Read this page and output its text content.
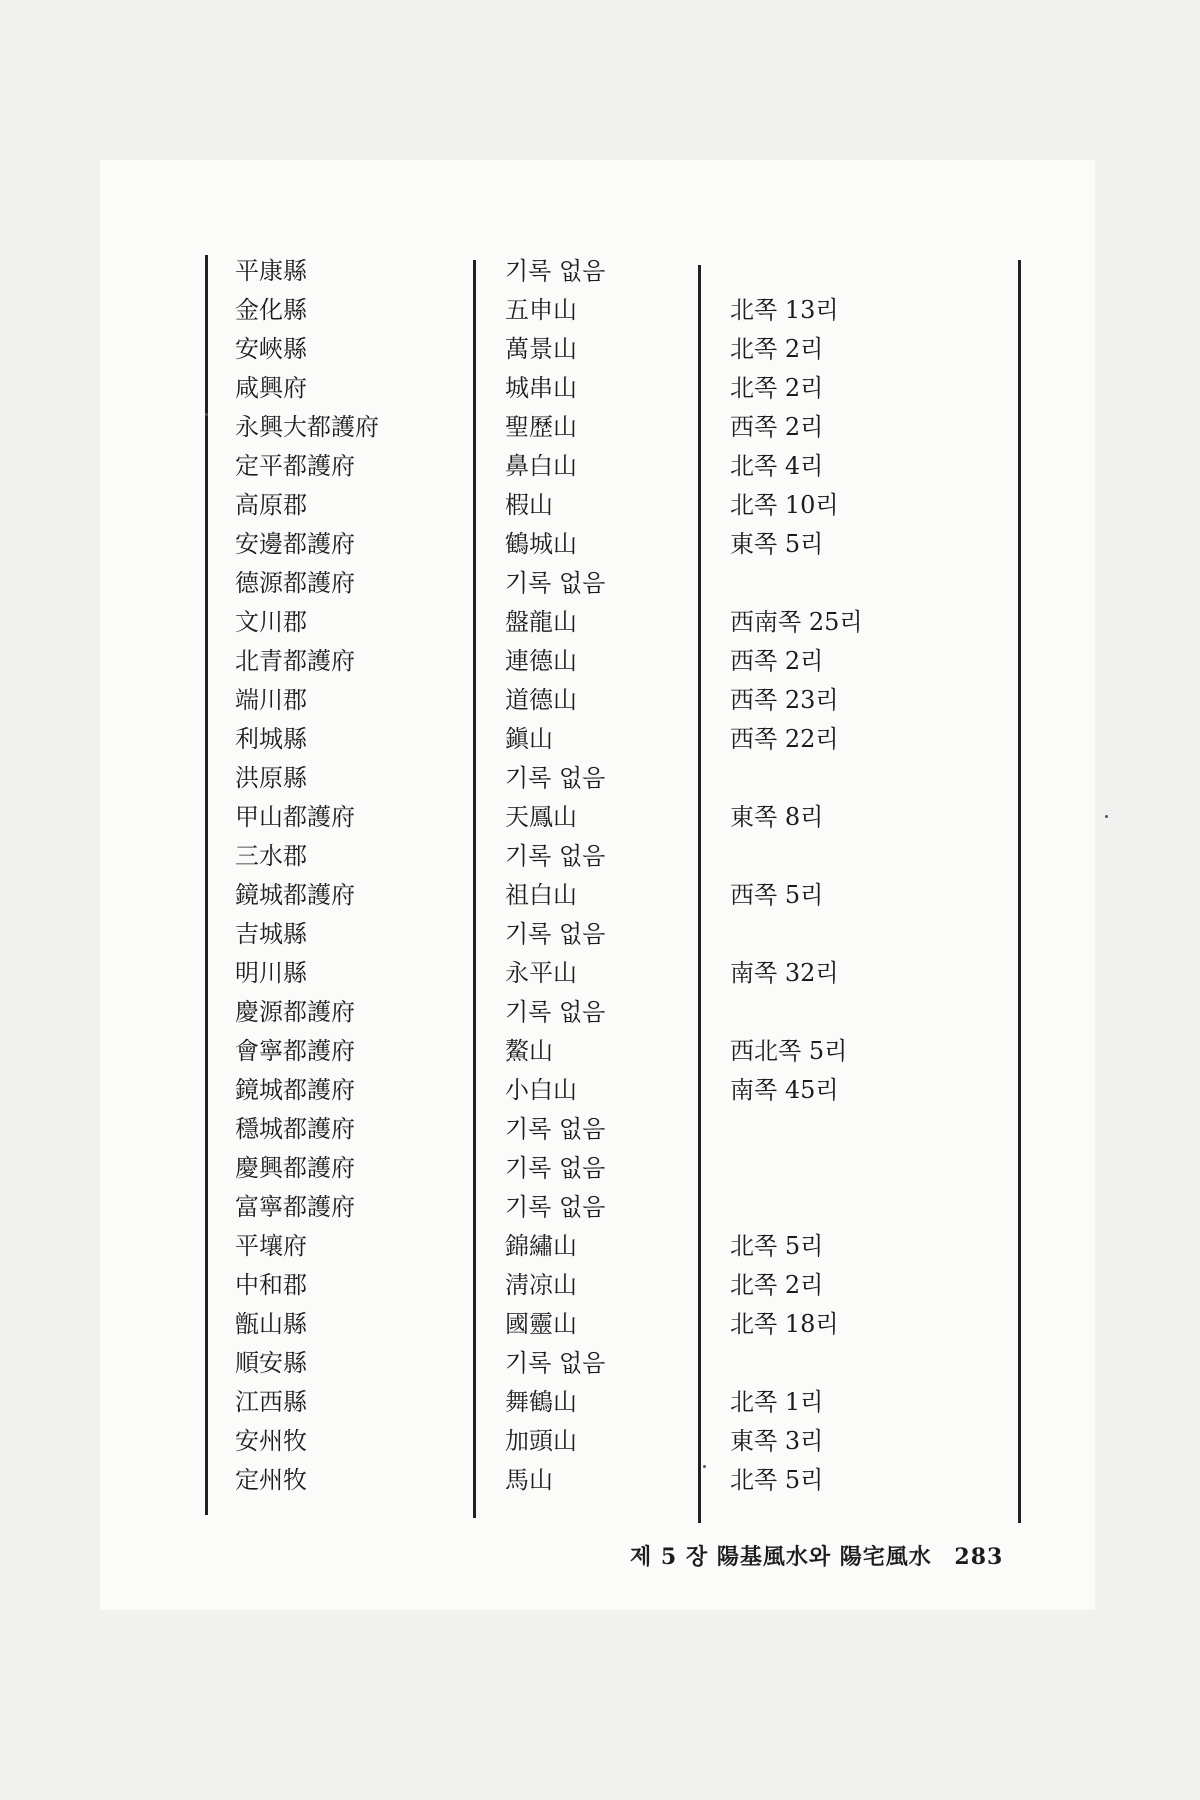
平康縣	기록 없음
金化縣	五申山	北쪽 13리
安峽縣	萬景山	北쪽 2리
咸興府	城串山	北쪽 2리
永興大都護府	聖歷山	西쪽 2리
定平都護府	鼻白山	北쪽 4리
高原郡	椵山	北쪽 10리
安邊都護府	鶴城山	東쪽 5리
德源都護府	기록 없음
文川郡	盤龍山	西南쪽 25리
北青都護府	連德山	西쪽 2리
端川郡	道德山	西쪽 23리
利城縣	鎭山	西쪽 22리
洪原縣	기록 없음
甲山都護府	天鳳山	東쪽 8리
三水郡	기록 없음
鏡城都護府	祖白山	西쪽 5리
吉城縣	기록 없음
明川縣	永平山	南쪽 32리
慶源都護府	기록 없음
會寧都護府	鰲山	西北쪽 5리
鏡城都護府	小白山	南쪽 45리
穩城都護府	기록 없음
慶興都護府	기록 없음
富寧都護府	기록 없음
平壤府	錦繡山	北쪽 5리
中和郡	淸凉山	北쪽 2리
甑山縣	國靈山	北쪽 18리
順安縣	기록 없음
江西縣	舞鶴山	北쪽 1리
安州牧	加頭山	東쪽 3리
定州牧	馬山	北쪽 5리
제 5 장 陽基風水와 陽宅風水 283
